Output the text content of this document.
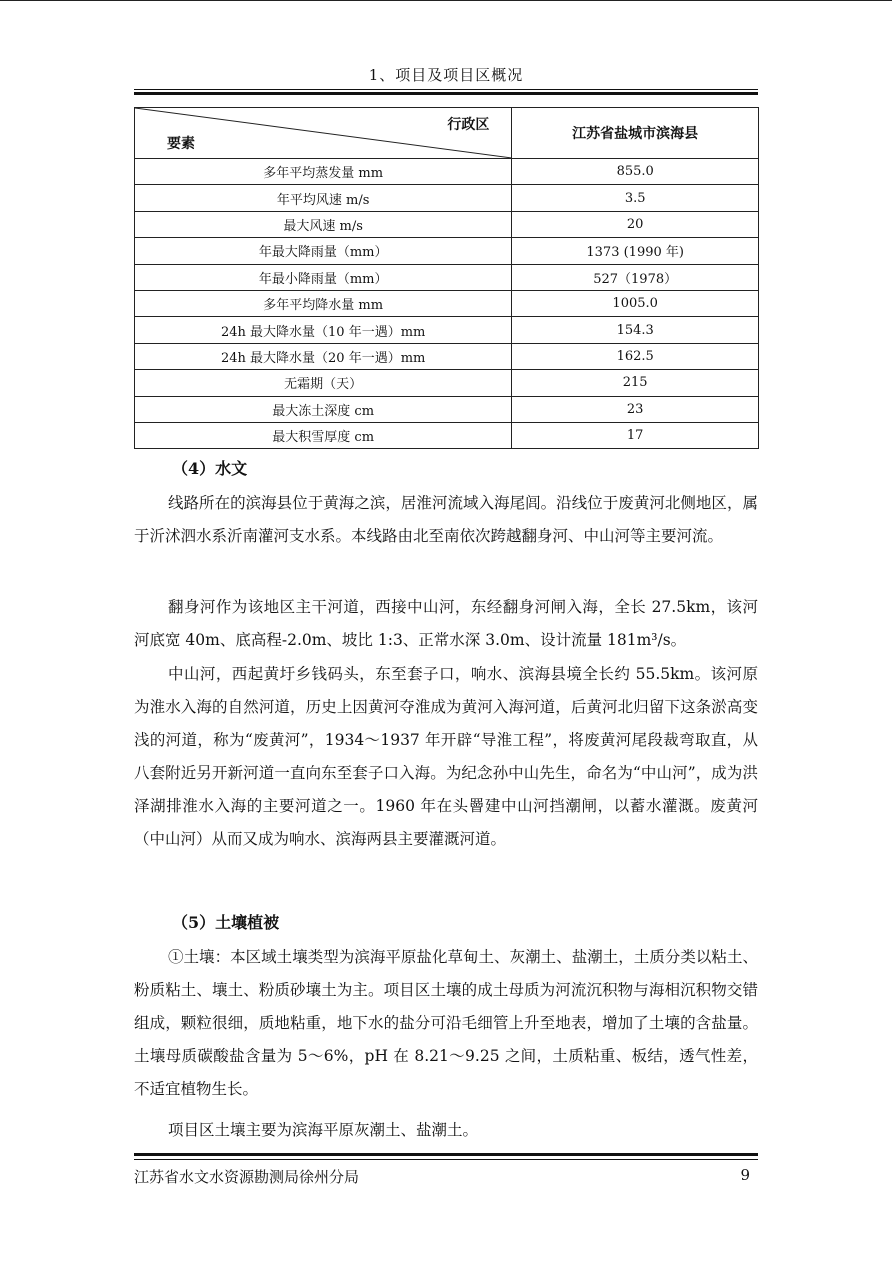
1、项目及项目区概况
行政区
要素	江苏省盐城市滨海县
多年平均蒸发量 mm	855.0
年平均风速 m/s	3.5
最大风速 m/s	20
年最大降雨量（mm）	1373 (1990 年)
年最小降雨量（mm）	527（1978）
多年平均降水量 mm	1005.0
24h 最大降水量（10 年一遇）mm	154.3
24h 最大降水量（20 年一遇）mm	162.5
无霜期（天）	215
最大冻土深度 cm	23
最大积雪厚度 cm	17
（4）水文

线路所在的滨海县位于黄海之滨，居淮河流域入海尾闾。沿线位于废黄河北侧地区，属于沂沭泗水系沂南灌河支水系。本线路由北至南依次跨越翻身河、中山河等主要河流。

翻身河作为该地区主干河道，西接中山河，东经翻身河闸入海，全长 27.5km，该河河底宽 40m、底高程-2.0m、坡比 1:3、正常水深 3.0m、设计流量 181m³/s。

中山河，西起黄圩乡钱码头，东至套子口，响水、滨海县境全长约 55.5km。该河原为淮水入海的自然河道，历史上因黄河夺淮成为黄河入海河道，后黄河北归留下这条淤高变浅的河道，称为“废黄河”，1934～1937 年开辟“导淮工程”，将废黄河尾段裁弯取直，从八套附近另开新河道一直向东至套子口入海。为纪念孙中山先生，命名为“中山河”，成为洪泽湖排淮水入海的主要河道之一。1960 年在头罾建中山河挡潮闸，以蓄水灌溉。废黄河（中山河）从而又成为响水、滨海两县主要灌溉河道。

（5）土壤植被

①土壤：本区域土壤类型为滨海平原盐化草甸土、灰潮土、盐潮土，土质分类以粘土、粉质粘土、壤土、粉质砂壤土为主。项目区土壤的成土母质为河流沉积物与海相沉积物交错组成，颗粒很细，质地粘重，地下水的盐分可沿毛细管上升至地表，增加了土壤的含盐量。土壤母质碳酸盐含量为 5～6%，pH 在 8.21～9.25 之间，土质粘重、板结，透气性差，不适宜植物生长。

项目区土壤主要为滨海平原灰潮土、盐潮土。

江苏省水文水资源勘测局徐州分局	9
